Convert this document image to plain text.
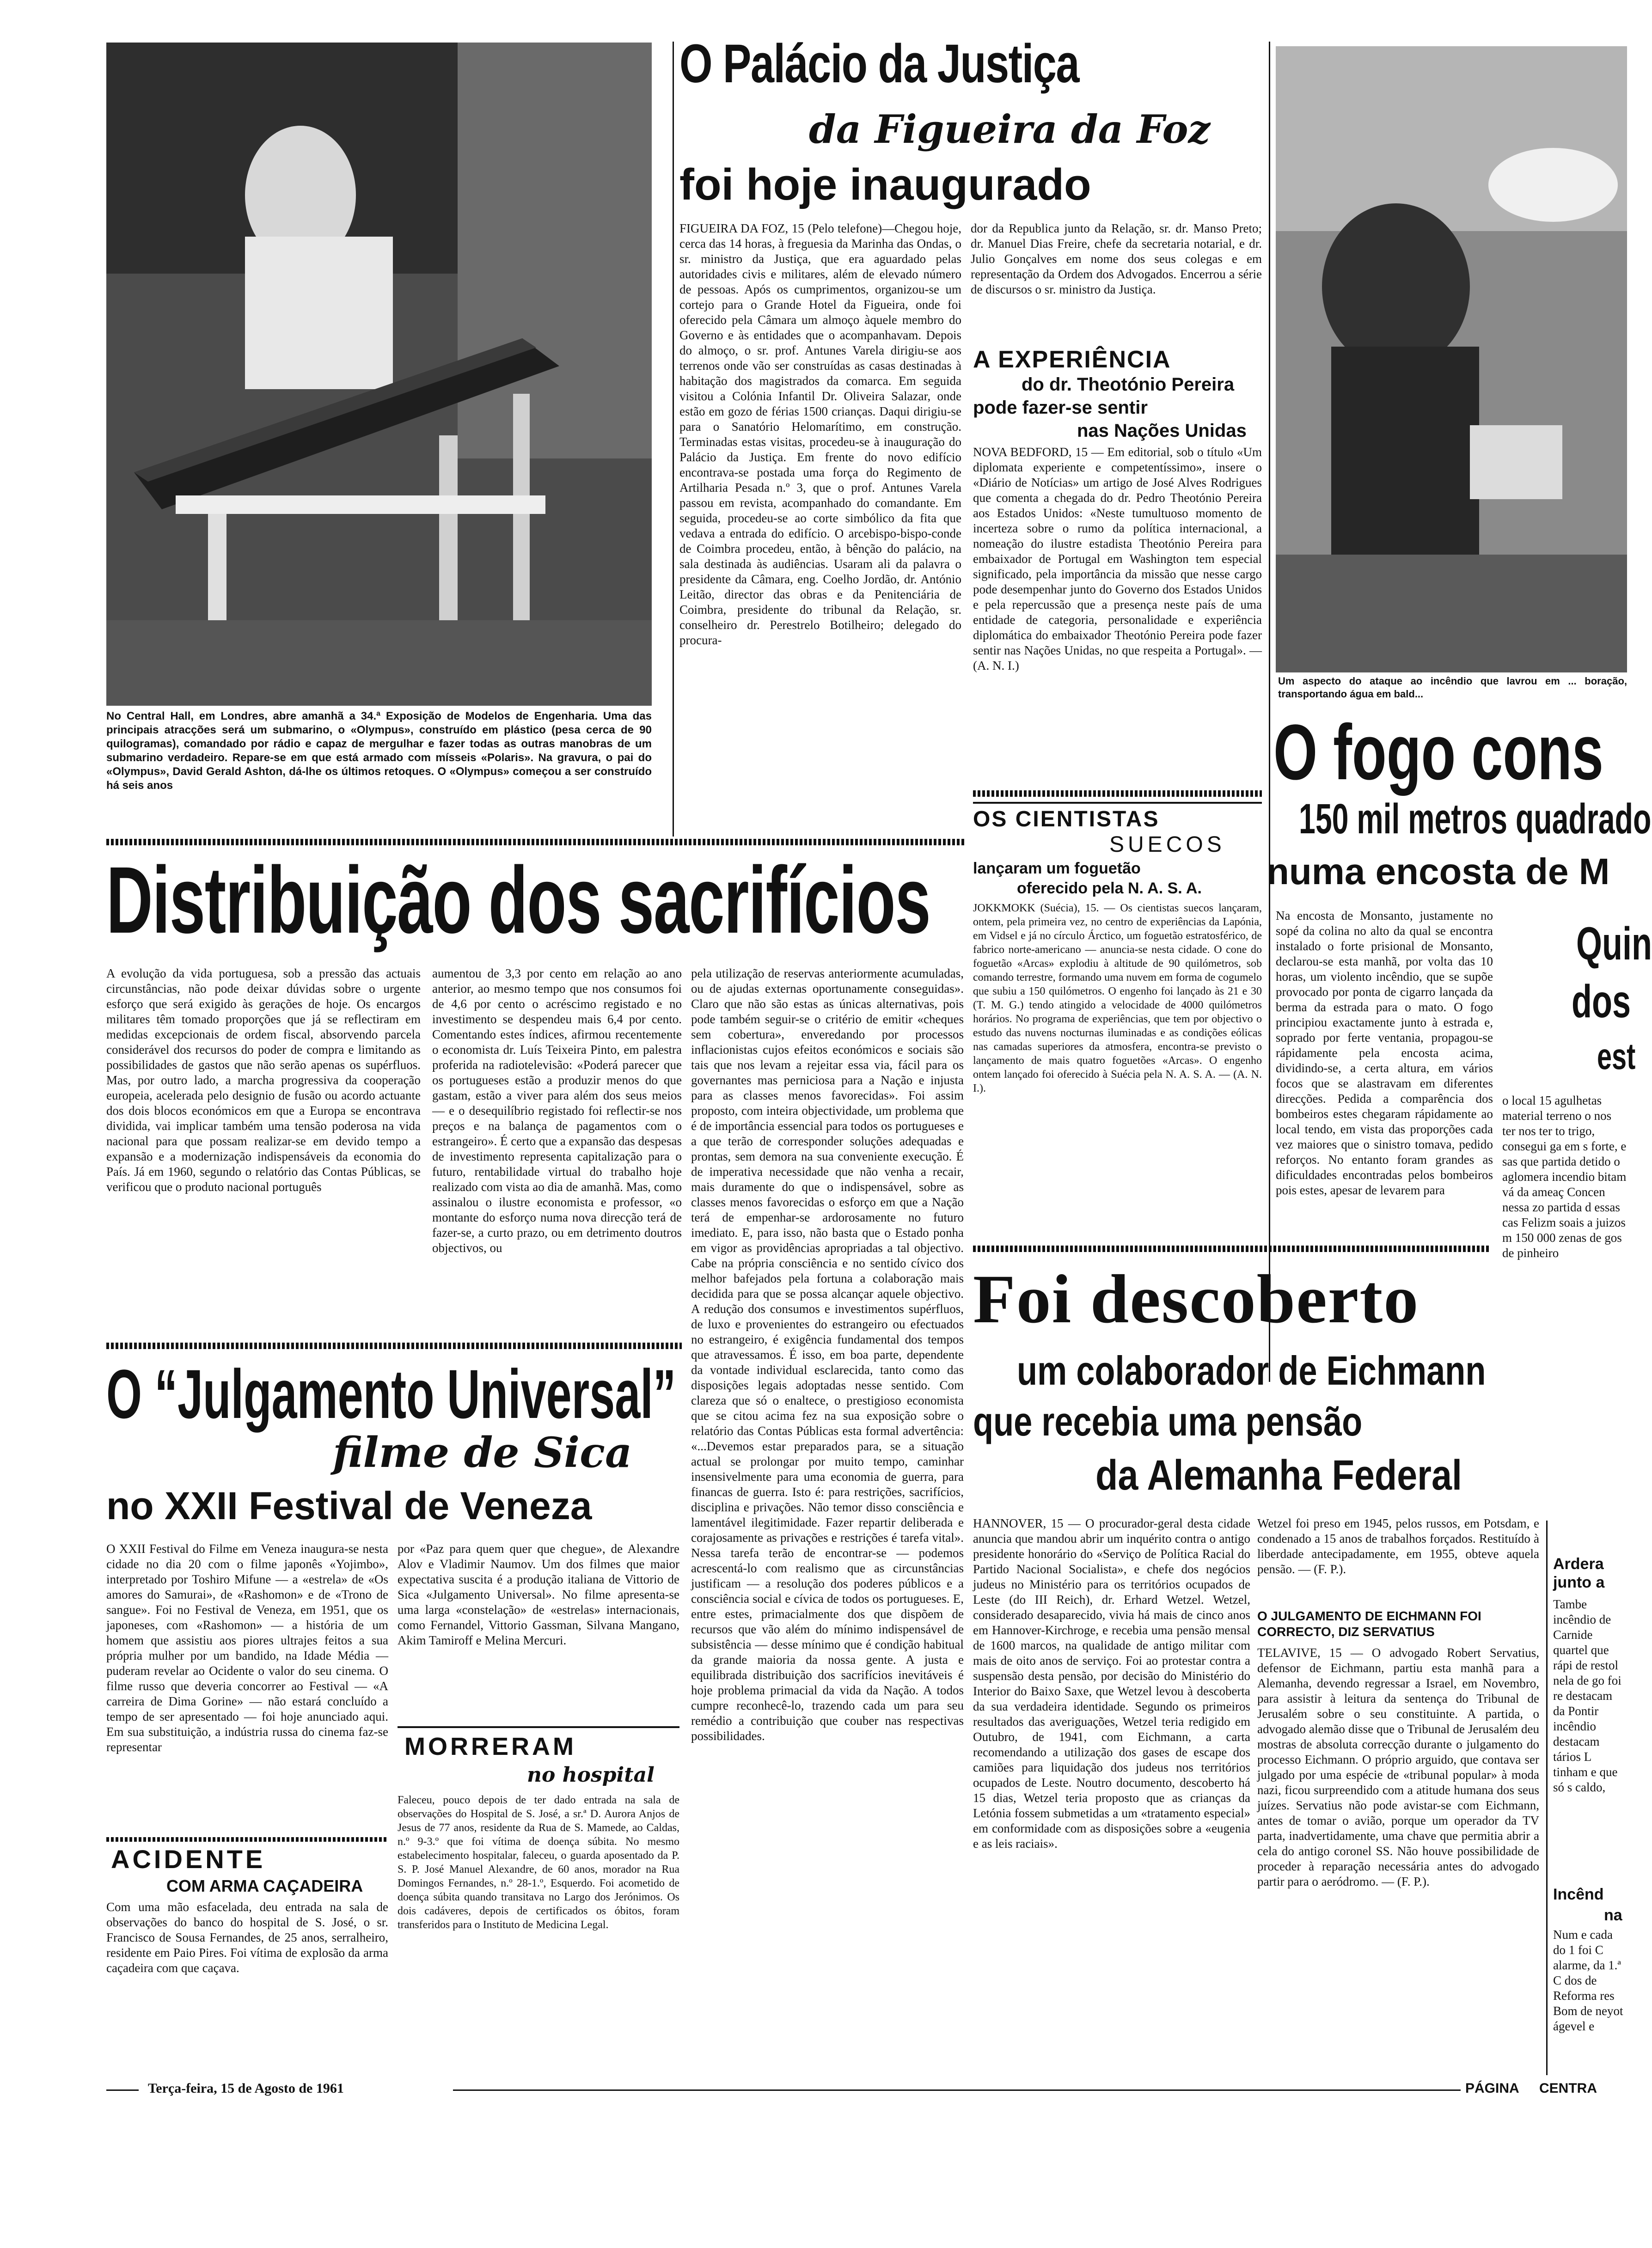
No Central Hall, em Londres, abre amanhã a 34.ª Exposição de Modelos de Engenharia. Uma das principais atracções será um submarino, o «Olympus», construído em plástico (pesa cerca de 90 quilogramas), comandado por rádio e capaz de mergulhar e fazer todas as outras manobras de um submarino verdadeiro. Repare-se em que está armado com mísseis «Polaris». Na gravura, o pai do «Olympus», David Gerald Ashton, dá-lhe os últimos retoques. O «Olympus» começou a ser construído há seis anos
O Palácio da Justiça
da Figueira da Foz
foi hoje inaugurado
FIGUEIRA DA FOZ, 15 (Pelo telefone)—Chegou hoje, cerca das 14 horas, à freguesia da Marinha das Ondas, o sr. ministro da Justiça, que era aguardado pelas autoridades civis e militares, além de elevado número de pessoas. Após os cumprimentos, organizou-se um cortejo para o Grande Hotel da Figueira, onde foi oferecido pela Câmara um almoço àquele membro do Governo e às entidades que o acompanhavam. Depois do almoço, o sr. prof. Antunes Varela dirigiu-se aos terrenos onde vão ser construídas as casas destinadas à habitação dos magistrados da comarca. Em seguida visitou a Colónia Infantil Dr. Oliveira Salazar, onde estão em gozo de férias 1500 crianças. Daqui dirigiu-se para o Sanatório Helomarítimo, em construção. Terminadas estas visitas, procedeu-se à inauguração do Palácio da Justiça. Em frente do novo edifício encontrava-se postada uma força do Regimento de Artilharia Pesada n.º 3, que o prof. Antunes Varela passou em revista, acompanhado do comandante. Em seguida, procedeu-se ao corte simbólico da fita que vedava a entrada do edifício. O arcebispo-bispo-conde de Coimbra procedeu, então, à bênção do palácio, na sala destinada às audiências. Usaram ali da palavra o presidente da Câmara, eng. Coelho Jordão, dr. António Leitão, director das obras e da Penitenciária de Coimbra, presidente do tribunal da Relação, sr. conselheiro dr. Perestrelo Botilheiro; delegado do procura-
dor da Republica junto da Relação, sr. dr. Manso Preto; dr. Manuel Dias Freire, chefe da secretaria notarial, e dr. Julio Gonçalves em nome dos seus colegas e em representação da Ordem dos Advogados. Encerrou a série de discursos o sr. ministro da Justiça.
A EXPERIÊNCIA
do dr. Theotónio Pereira
pode fazer-se sentir
nas Nações Unidas
NOVA BEDFORD, 15 — Em editorial, sob o título «Um diplomata experiente e competentíssimo», insere o «Diário de Notícias» um artigo de José Alves Rodrigues que comenta a chegada do dr. Pedro Theotónio Pereira aos Estados Unidos: «Neste tumultuoso momento de incerteza sobre o rumo da política internacional, a nomeação do ilustre estadista Theotónio Pereira para embaixador de Portugal em Washington tem especial significado, pela importância da missão que nesse cargo pode desempenhar junto do Governo dos Estados Unidos e pela repercussão que a presença neste país de uma entidade de categoria, personalidade e experiência diplomática do embaixador Theotónio Pereira pode fazer sentir nas Nações Unidas, no que respeita a Portugal». — (A. N. I.)
Um aspecto do ataque ao incêndio que lavrou em ... boração, transportando água em bald...
O fogo cons
150 mil metros quadrado
numa encosta de M
Na encosta de Monsanto, justamente no sopé da colina no alto da qual se encontra instalado o forte prisional de Monsanto, declarou-se esta manhã, por volta das 10 horas, um violento incêndio, que se supõe provocado por ponta de cigarro lançada da berma da estrada para o mato. O fogo principiou exactamente junto à estrada e, soprado por ferte ventania, propagou-se rápidamente pela encosta acima, dividindo-se, a certa altura, em vários focos que se alastravam em diferentes direcções. Pedida a comparência dos bombeiros estes chegaram rápidamente ao local tendo, em vista das proporções cada vez maiores que o sinistro tomava, pedido reforços. No entanto foram grandes as dificuldades encontradas pelos bombeiros pois estes, apesar de levarem para
Quin
dos
est
o local 15 agulhetas material terreno o nos ter nos ter to trigo, consegui ga em s forte, e sas que partida detido o aglomera incendio bitam vá da ameaç Concen nessa zo partida d essas cas Felizm soais a juizos m 150 000 zenas de gos de pinheiro
Distribuição dos sacrifícios
A evolução da vida portuguesa, sob a pressão das actuais circunstâncias, não pode deixar dúvidas sobre o urgente esforço que será exigido às gerações de hoje. Os encargos militares têm tomado proporções que já se reflectiram em medidas excepcionais de ordem fiscal, absorvendo parcela considerável dos recursos do poder de compra e limitando as possibilidades de gastos que não serão apenas os supérfluos. Mas, por outro lado, a marcha progressiva da cooperação europeia, acelerada pelo designio de fusão ou acordo actuante dos dois blocos económicos em que a Europa se encontrava dividida, vai implicar também uma tensão poderosa na vida nacional para que possam realizar-se em devido tempo a expansão e a modernização indispensáveis da economia do País. Já em 1960, segundo o relatório das Contas Públicas, se verificou que o produto nacional português
aumentou de 3,3 por cento em relação ao ano anterior, ao mesmo tempo que nos consumos foi de 4,6 por cento o acréscimo registado e no investimento se despendeu mais 6,4 por cento. Comentando estes índices, afirmou recentemente o economista dr. Luís Teixeira Pinto, em palestra proferida na radiotelevisão: «Poderá parecer que os portugueses estão a produzir menos do que gastam, estão a viver para além dos seus meios — e o desequilíbrio registado foi reflectir-se nos preços e na balança de pagamentos com o estrangeiro». É certo que a expansão das despesas de investimento representa capitalização para o futuro, rentabilidade virtual do trabalho hoje realizado com vista ao dia de amanhã. Mas, como assinalou o ilustre economista e professor, «o montante do esforço numa nova direcção terá de fazer-se, a curto prazo, ou em detrimento doutros objectivos, ou
pela utilização de reservas anteriormente acumuladas, ou de ajudas externas oportunamente conseguidas». Claro que não são estas as únicas alternativas, pois pode também seguir-se o critério de emitir «cheques sem cobertura», enveredando por processos inflacionistas cujos efeitos económicos e sociais são tais que nos levam a rejeitar essa via, fácil para os governantes mas perniciosa para a Nação e injusta para as classes menos favorecidas». Foi assim proposto, com inteira objectividade, um problema que é de importância essencial para todos os portugueses e a que terão de corresponder soluções adequadas e prontas, sem demora na sua conveniente execução. É de imperativa necessidade que não venha a recair, mais duramente do que o indispensável, sobre as classes menos favorecidas o esforço em que a Nação terá de empenhar-se ardorosamente no futuro imediato. E, para isso, não basta que o Estado ponha em vigor as providências apropriadas a tal objectivo. Cabe na própria consciência e no sentido cívico dos melhor bafejados pela fortuna a colaboração mais decidida para que se possa alcançar aquele objectivo. A redução dos consumos e investimentos supérfluos, de luxo e provenientes do estrangeiro ou efectuados no estrangeiro, é exigência fundamental dos tempos que atravessamos. É isso, em boa parte, dependente da vontade individual esclarecida, tanto como das disposições legais adoptadas nesse sentido. Com clareza que só o enaltece, o prestigioso economista que se citou acima fez na sua exposição sobre o relatório das Contas Públicas esta formal advertência: «...Devemos estar preparados para, se a situação actual se prolongar por muito tempo, caminhar insensivelmente para uma economia de guerra, para financas de guerra. Isto é: para restrições, sacrifícios, disciplina e privações. Não temor disso consciência e lamentável ilegitimidade. Fazer repartir deliberada e corajosamente as privações e restrições é tarefa vital». Nessa tarefa terão de encontrar-se — podemos acrescentá-lo com realismo que as circunstâncias justificam — a resolução dos poderes públicos e a consciência social e cívica de todos os portugueses. E, entre estes, primacialmente dos que dispõem de recursos que vão além do mínimo indispensável de subsistência — desse mínimo que é condição habitual da grande maioria da nossa gente. A justa e equilibrada distribuição dos sacrifícios inevitáveis é hoje problema primacial da vida da Nação. A todos cumpre reconhecê-lo, trazendo cada um para seu remédio a contribuição que couber nas respectivas possibilidades.
O “Julgamento Universal”
filme de Sica
no XXII Festival de Veneza
O XXII Festival do Filme em Veneza inaugura-se nesta cidade no dia 20 com o filme japonês «Yojimbo», interpretado por Toshiro Mifune — a «estrela» de «Os amores do Samurai», de «Rashomon» e de «Trono de sangue». Foi no Festival de Veneza, em 1951, que os japoneses, com «Rashomon» — a história de um homem que assistiu aos piores ultrajes feitos a sua própria mulher por um bandido, na Idade Média — puderam revelar ao Ocidente o valor do seu cinema. O filme russo que deveria concorrer ao Festival — «A carreira de Dima Gorine» — não estará concluído a tempo de ser apresentado — foi hoje anunciado aqui. Em sua substituição, a indústria russa do cinema faz-se representar
por «Paz para quem quer que chegue», de Alexandre Alov e Vladimir Naumov. Um dos filmes que maior expectativa suscita é a produção italiana de Vittorio de Sica «Julgamento Universal». No filme apresenta-se uma larga «constelação» de «estrelas» internacionais, como Fernandel, Vittorio Gassman, Silvana Mangano, Akim Tamiroff e Melina Mercuri.
ACIDENTE
COM ARMA CAÇADEIRA
Com uma mão esfacelada, deu entrada na sala de observações do banco do hospital de S. José, o sr. Francisco de Sousa Fernandes, de 25 anos, serralheiro, residente em Paio Pires. Foi vítima de explosão da arma caçadeira com que caçava.
MORRERAM
no hospital
Faleceu, pouco depois de ter dado entrada na sala de observações do Hospital de S. José, a sr.ª D. Aurora Anjos de Jesus de 77 anos, residente da Rua de S. Mamede, ao Caldas, n.º 9-3.º que foi vítima de doença súbita. No mesmo estabelecimento hospitalar, faleceu, o guarda aposentado da P. S. P. José Manuel Alexandre, de 60 anos, morador na Rua Domingos Fernandes, n.º 28-1.º, Esquerdo. Foi acometido de doença súbita quando transitava no Largo dos Jerónimos. Os dois cadáveres, depois de certificados os óbitos, foram transferidos para o Instituto de Medicina Legal.
OS CIENTISTAS
SUECOS
lançaram um foguetão
oferecido pela N. A. S. A.
JOKKMOKK (Suécia), 15. — Os cientistas suecos lançaram, ontem, pela primeira vez, no centro de experiências da Lapónia, em Vidsel e já no círculo Árctico, um foguetão estratosférico, de fabrico norte-americano — anuncia-se nesta cidade. O cone do foguetão «Arcas» explodiu à altitude de 90 quilómetros, sob comando terrestre, formando uma nuvem em forma de cogumelo que subiu a 150 quilómetros. O engenho foi lançado às 21 e 30 (T. M. G.) tendo atingido a velocidade de 4000 quilómetros horários. No programa de experiências, que tem por objectivo o estudo das nuvens nocturnas iluminadas e as condições eólicas nas camadas superiores da atmosfera, encontra-se previsto o lançamento de mais quatro foguetões «Arcas». O engenho ontem lançado foi oferecido à Suécia pela N. A. S. A. — (A. N. I.).
Foi descoberto
um colaborador de Eichmann
que recebia uma pensão
da Alemanha Federal
HANNOVER, 15 — O procurador-geral desta cidade anuncia que mandou abrir um inquérito contra o antigo presidente honorário do «Serviço de Política Racial do Partido Nacional Socialista», e chefe dos negócios judeus no Ministério para os territórios ocupados de Leste (do III Reich), dr. Erhard Wetzel. Wetzel, considerado desaparecido, vivia há mais de cinco anos em Hannover-Kirchroge, e recebia uma pensão mensal de 1600 marcos, na qualidade de antigo militar com mais de oito anos de serviço. Foi ao protestar contra a suspensão desta pensão, por decisão do Ministério do Interior do Baixo Saxe, que Wetzel levou à descoberta da sua verdadeira identidade. Segundo os primeiros resultados das averiguações, Wetzel teria redigido em Outubro, de 1941, com Eichmann, a carta recomendando a utilização dos gases de escape dos camiões para liquidação dos judeus nos territórios ocupados de Leste. Noutro documento, descoberto há 15 dias, Wetzel teria proposto que as crianças da Letónia fossem submetidas a um «tratamento especial» em conformidade com as disposições sobre a «eugenia e as leis raciais».
Wetzel foi preso em 1945, pelos russos, em Potsdam, e condenado a 15 anos de trabalhos forçados. Restituído à liberdade antecipadamente, em 1955, obteve aquela pensão. — (F. P.).
O JULGAMENTO DE EICHMANN FOI CORRECTO, DIZ SERVATIUS
TELAVIVE, 15 — O advogado Robert Servatius, defensor de Eichmann, partiu esta manhã para a Alemanha, devendo regressar a Israel, em Novembro, para assistir à leitura da sentença do Tribunal de Jerusalém sobre o seu constituinte. A partida, o advogado alemão disse que o Tribunal de Jerusalém deu mostras de absoluta correcção durante o julgamento do processo Eichmann. O próprio arguido, que contava ser julgado por uma espécie de «tribunal popular» à moda nazi, ficou surpreendido com a atitude humana dos seus juízes. Servatius não pode avistar-se com Eichmann, antes de tomar o avião, porque um operador da TV parta, inadvertidamente, uma chave que permitia abrir a cela do antigo coronel SS. Não houve possibilidade de proceder à reparação necessária antes do advogado partir para o aeródromo. — (F. P.).
Ardera
junto a
Tambe incêndio de Carnide quartel que rápi de restol nela de go foi re destacam da Pontir incêndio destacam tários L tinham e que só s caldo,
Incênd
na
Num e cada do 1 foi C alarme, da 1.ª C dos de Reforma res Bom de neyot ágevel e
Terça-feira, 15 de Agosto de 1961	PÁGINA CENTRA
